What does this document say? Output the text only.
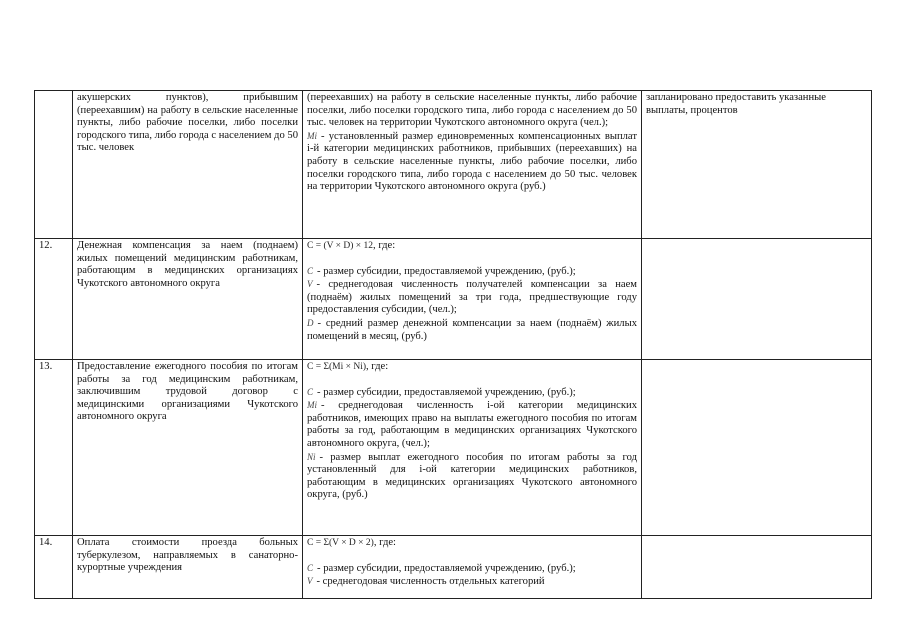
	акушерских пунктов), прибывшим (переехавшим) на работу в сельские населенные пункты, либо рабочие поселки, либо поселки городского типа, либо города с населением до 50 тыс. человек	(переехавших) на работу в сельские населенные пункты, либо рабочие поселки, либо поселки городского типа, либо города с населением до 50 тыс. человек на территории Чукотского автономного округа (чел.);

Mi - установленный размер единовременных компенсационных выплат i-й категории медицинских работников, прибывших (переехавших) на работу в сельские населенные пункты, либо рабочие поселки, либо поселки городского типа, либо города с населением до 50 тыс. человек на территории Чукотского автономного округа (руб.)	запланировано предоставить указанные выплаты, процентов
12.	Денежная компенсация за наем (поднаем) жилых помещений медицинским работникам, работающим в медицинских организациях Чукотского автономного округа	С = (V × D) × 12, где:

С - размер субсидии, предоставляемой учреждению, (руб.);

V - среднегодовая численность получателей компенсации за наем (поднаём) жилых помещений за три года, предшествующие году предоставления субсидии, (чел.);

D - средний размер денежной компенсации за наем (поднаём) жилых помещений в месяц, (руб.)	

13.	Предоставление ежегодного пособия по итогам работы за год медицинским работникам, заключившим трудовой договор с медицинскими организациями Чукотского автономного округа	С = Σ(Mi × Ni), где:

С - размер субсидии, предоставляемой учреждению, (руб.);

Mi - среднегодовая численность i-ой категории медицинских работников, имеющих право на выплаты ежегодного пособия по итогам работы за год, работающим в медицинских организациях Чукотского автономного округа, (чел.);

Ni - размер выплат ежегодного пособия по итогам работы за год установленный для i-ой категории медицинских работников, работающим в медицинских организациях Чукотского автономного округа, (руб.)	

14.	Оплата стоимости проезда больных туберкулезом, направляемых в санаторно-курортные учреждения	С = Σ(V × D × 2), где:

С - размер субсидии, предоставляемой учреждению, (руб.);

V - среднегодовая численность отдельных категорий	
